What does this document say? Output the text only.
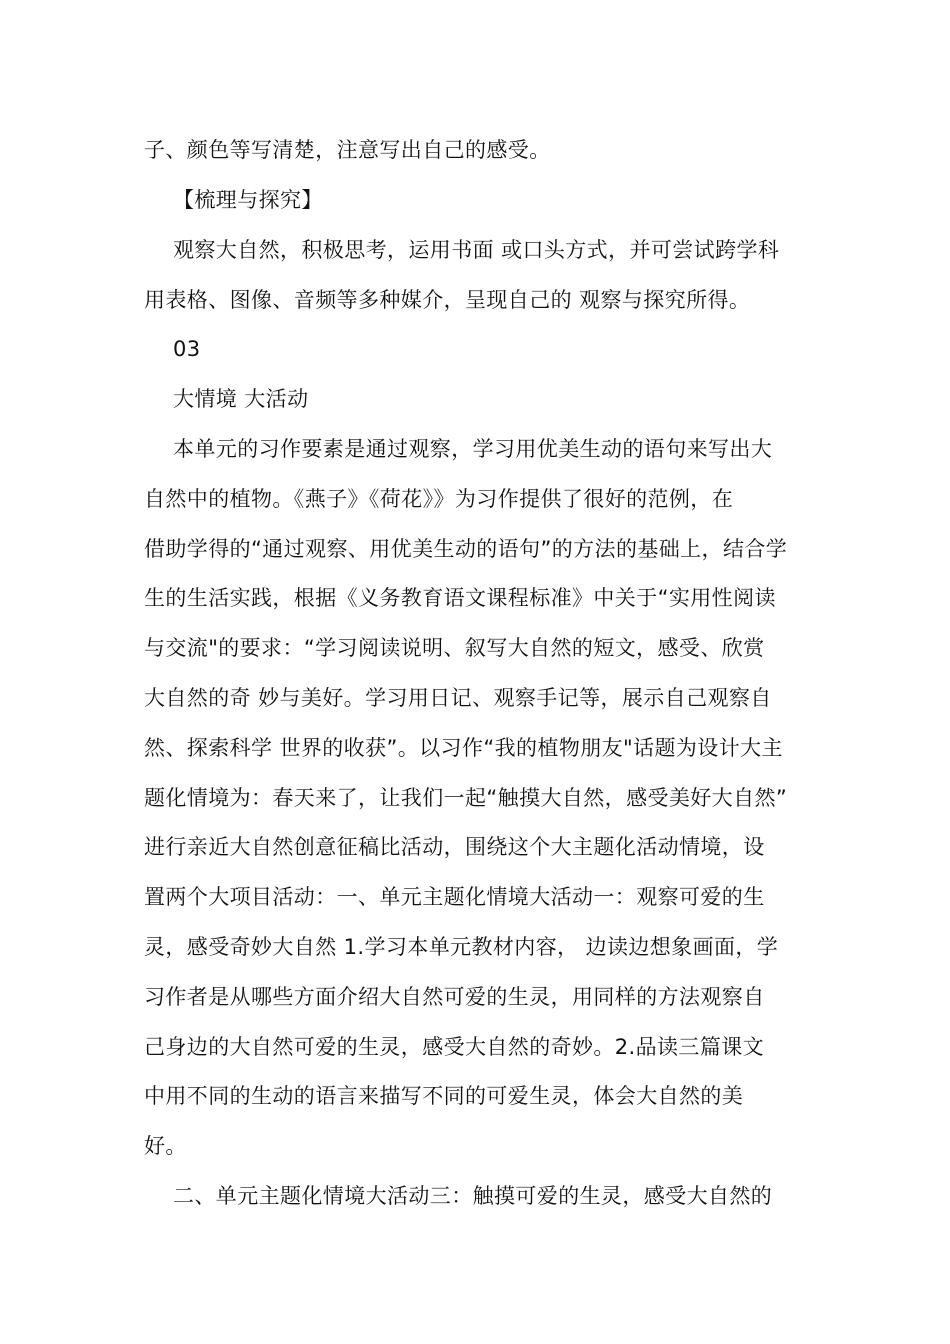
子、颜色等写清楚，注意写出自己的感受。
【梳理与探究】
观察大自然，积极思考，运用书面 或口头方式，并可尝试跨学科
用表格、图像、音频等多种媒介，呈现自己的 观察与探究所得。
03
大情境 大活动
本单元的习作要素是通过观察，学习用优美生动的语句来写出大
自然中的植物。《燕子》《荷花》》为习作提供了很好的范例，在
借助学得的“通过观察、用优美生动的语句”的方法的基础上，结合学
生的生活实践，根据《义务教育语文课程标准》中关于“实用性阅读
与交流"的要求：“学习阅读说明、叙写大自然的短文，感受、欣赏
大自然的奇 妙与美好。学习用日记、观察手记等，展示自己观察自
然、探索科学 世界的收获”。以习作“我的植物朋友"话题为设计大主
题化情境为：春天来了，让我们一起“触摸大自然，感受美好大自然”
进行亲近大自然创意征稿比活动，围绕这个大主题化活动情境，设
置两个大项目活动：一、单元主题化情境大活动一：观察可爱的生
灵，感受奇妙大自然 1.学习本单元教材内容， 边读边想象画面，学
习作者是从哪些方面介绍大自然可爱的生灵，用同样的方法观察自
己身边的大自然可爱的生灵，感受大自然的奇妙。2.品读三篇课文
中用不同的生动的语言来描写不同的可爱生灵，体会大自然的美
好。
二、单元主题化情境大活动三：触摸可爱的生灵，感受大自然的
